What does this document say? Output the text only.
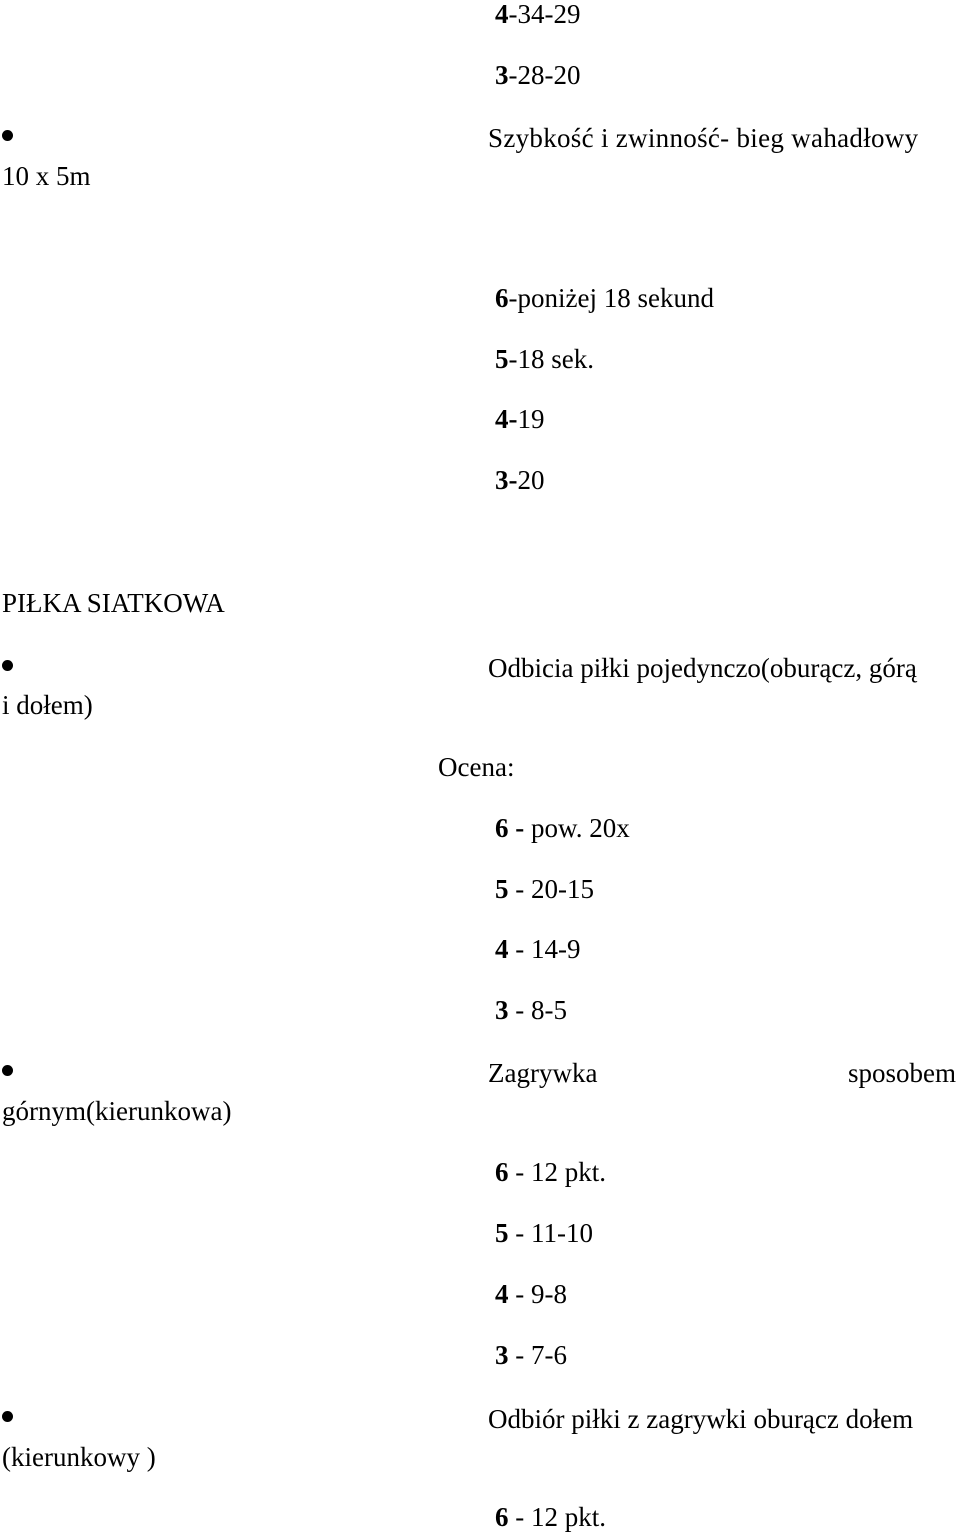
4-34-29
3-28-20
Szybkość i zwinność- bieg wahadłowy
10 x 5m
6-poniżej 18 sekund
5-18 sek.
4-19
3-20
PIŁKA SIATKOWA
Odbicia piłki pojedynczo(oburącz, górą
i dołem)
Ocena:
6 - pow. 20x
5 - 20-15
4 - 14-9
3 - 8-5
Zagrywka	sposobem
górnym(kierunkowa)
6 - 12 pkt.
5 - 11-10
4 - 9-8
3 - 7-6
Odbiór piłki z zagrywki oburącz dołem
(kierunkowy )
6 - 12 pkt.
